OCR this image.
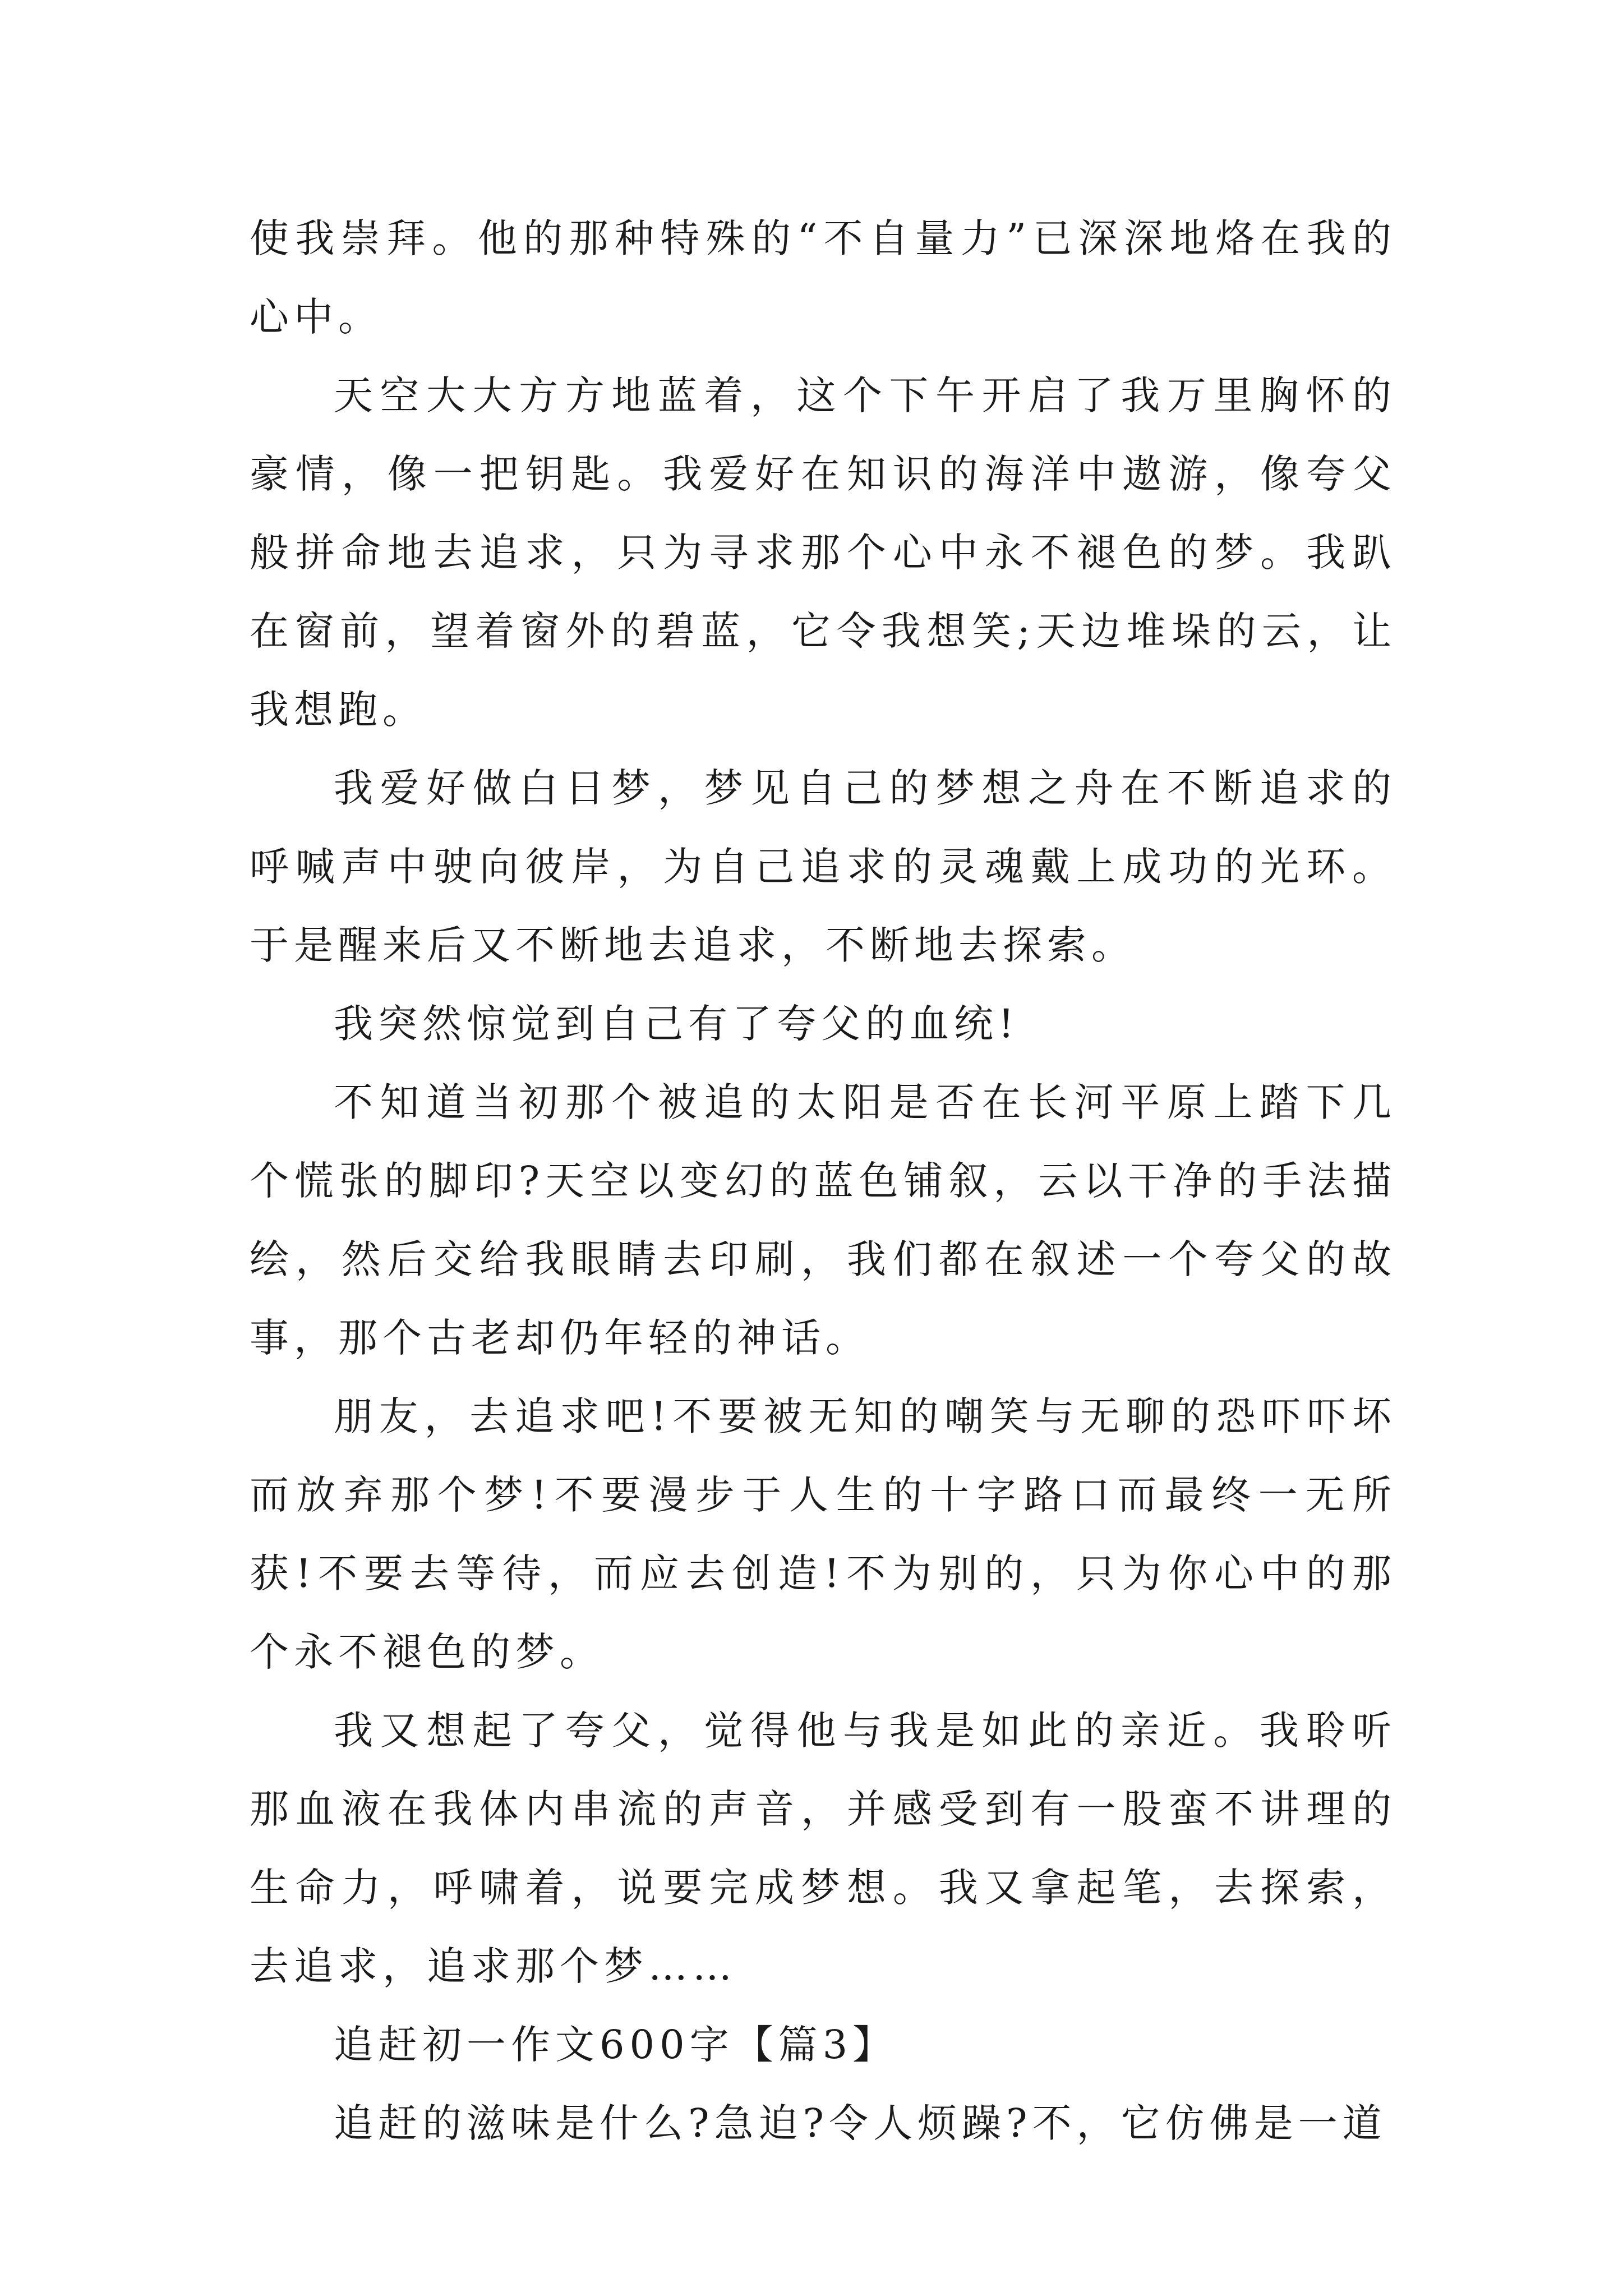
使我崇拜。他的那种特殊的“不自量力”已深深地烙在我的心中。

天空大大方方地蓝着，这个下午开启了我万里胸怀的豪情，像一把钥匙。我爱好在知识的海洋中遨游，像夸父般拼命地去追求，只为寻求那个心中永不褪色的梦。我趴在窗前，望着窗外的碧蓝，它令我想笑;天边堆垛的云，让我想跑。

我爱好做白日梦，梦见自己的梦想之舟在不断追求的呼喊声中驶向彼岸，为自己追求的灵魂戴上成功的光环。于是醒来后又不断地去追求，不断地去探索。

我突然惊觉到自己有了夸父的血统!

不知道当初那个被追的太阳是否在长河平原上踏下几个慌张的脚印?天空以变幻的蓝色铺叙，云以干净的手法描绘，然后交给我眼睛去印刷，我们都在叙述一个夸父的故事，那个古老却仍年轻的神话。

朋友，去追求吧!不要被无知的嘲笑与无聊的恐吓吓坏而放弃那个梦!不要漫步于人生的十字路口而最终一无所获!不要去等待，而应去创造!不为别的，只为你心中的那个永不褪色的梦。

我又想起了夸父，觉得他与我是如此的亲近。我聆听那血液在我体内串流的声音，并感受到有一股蛮不讲理的生命力，呼啸着，说要完成梦想。我又拿起笔，去探索，去追求，追求那个梦……

追赶初一作文600字【篇3】

追赶的滋味是什么?急迫?令人烦躁?不，它仿佛是一道
